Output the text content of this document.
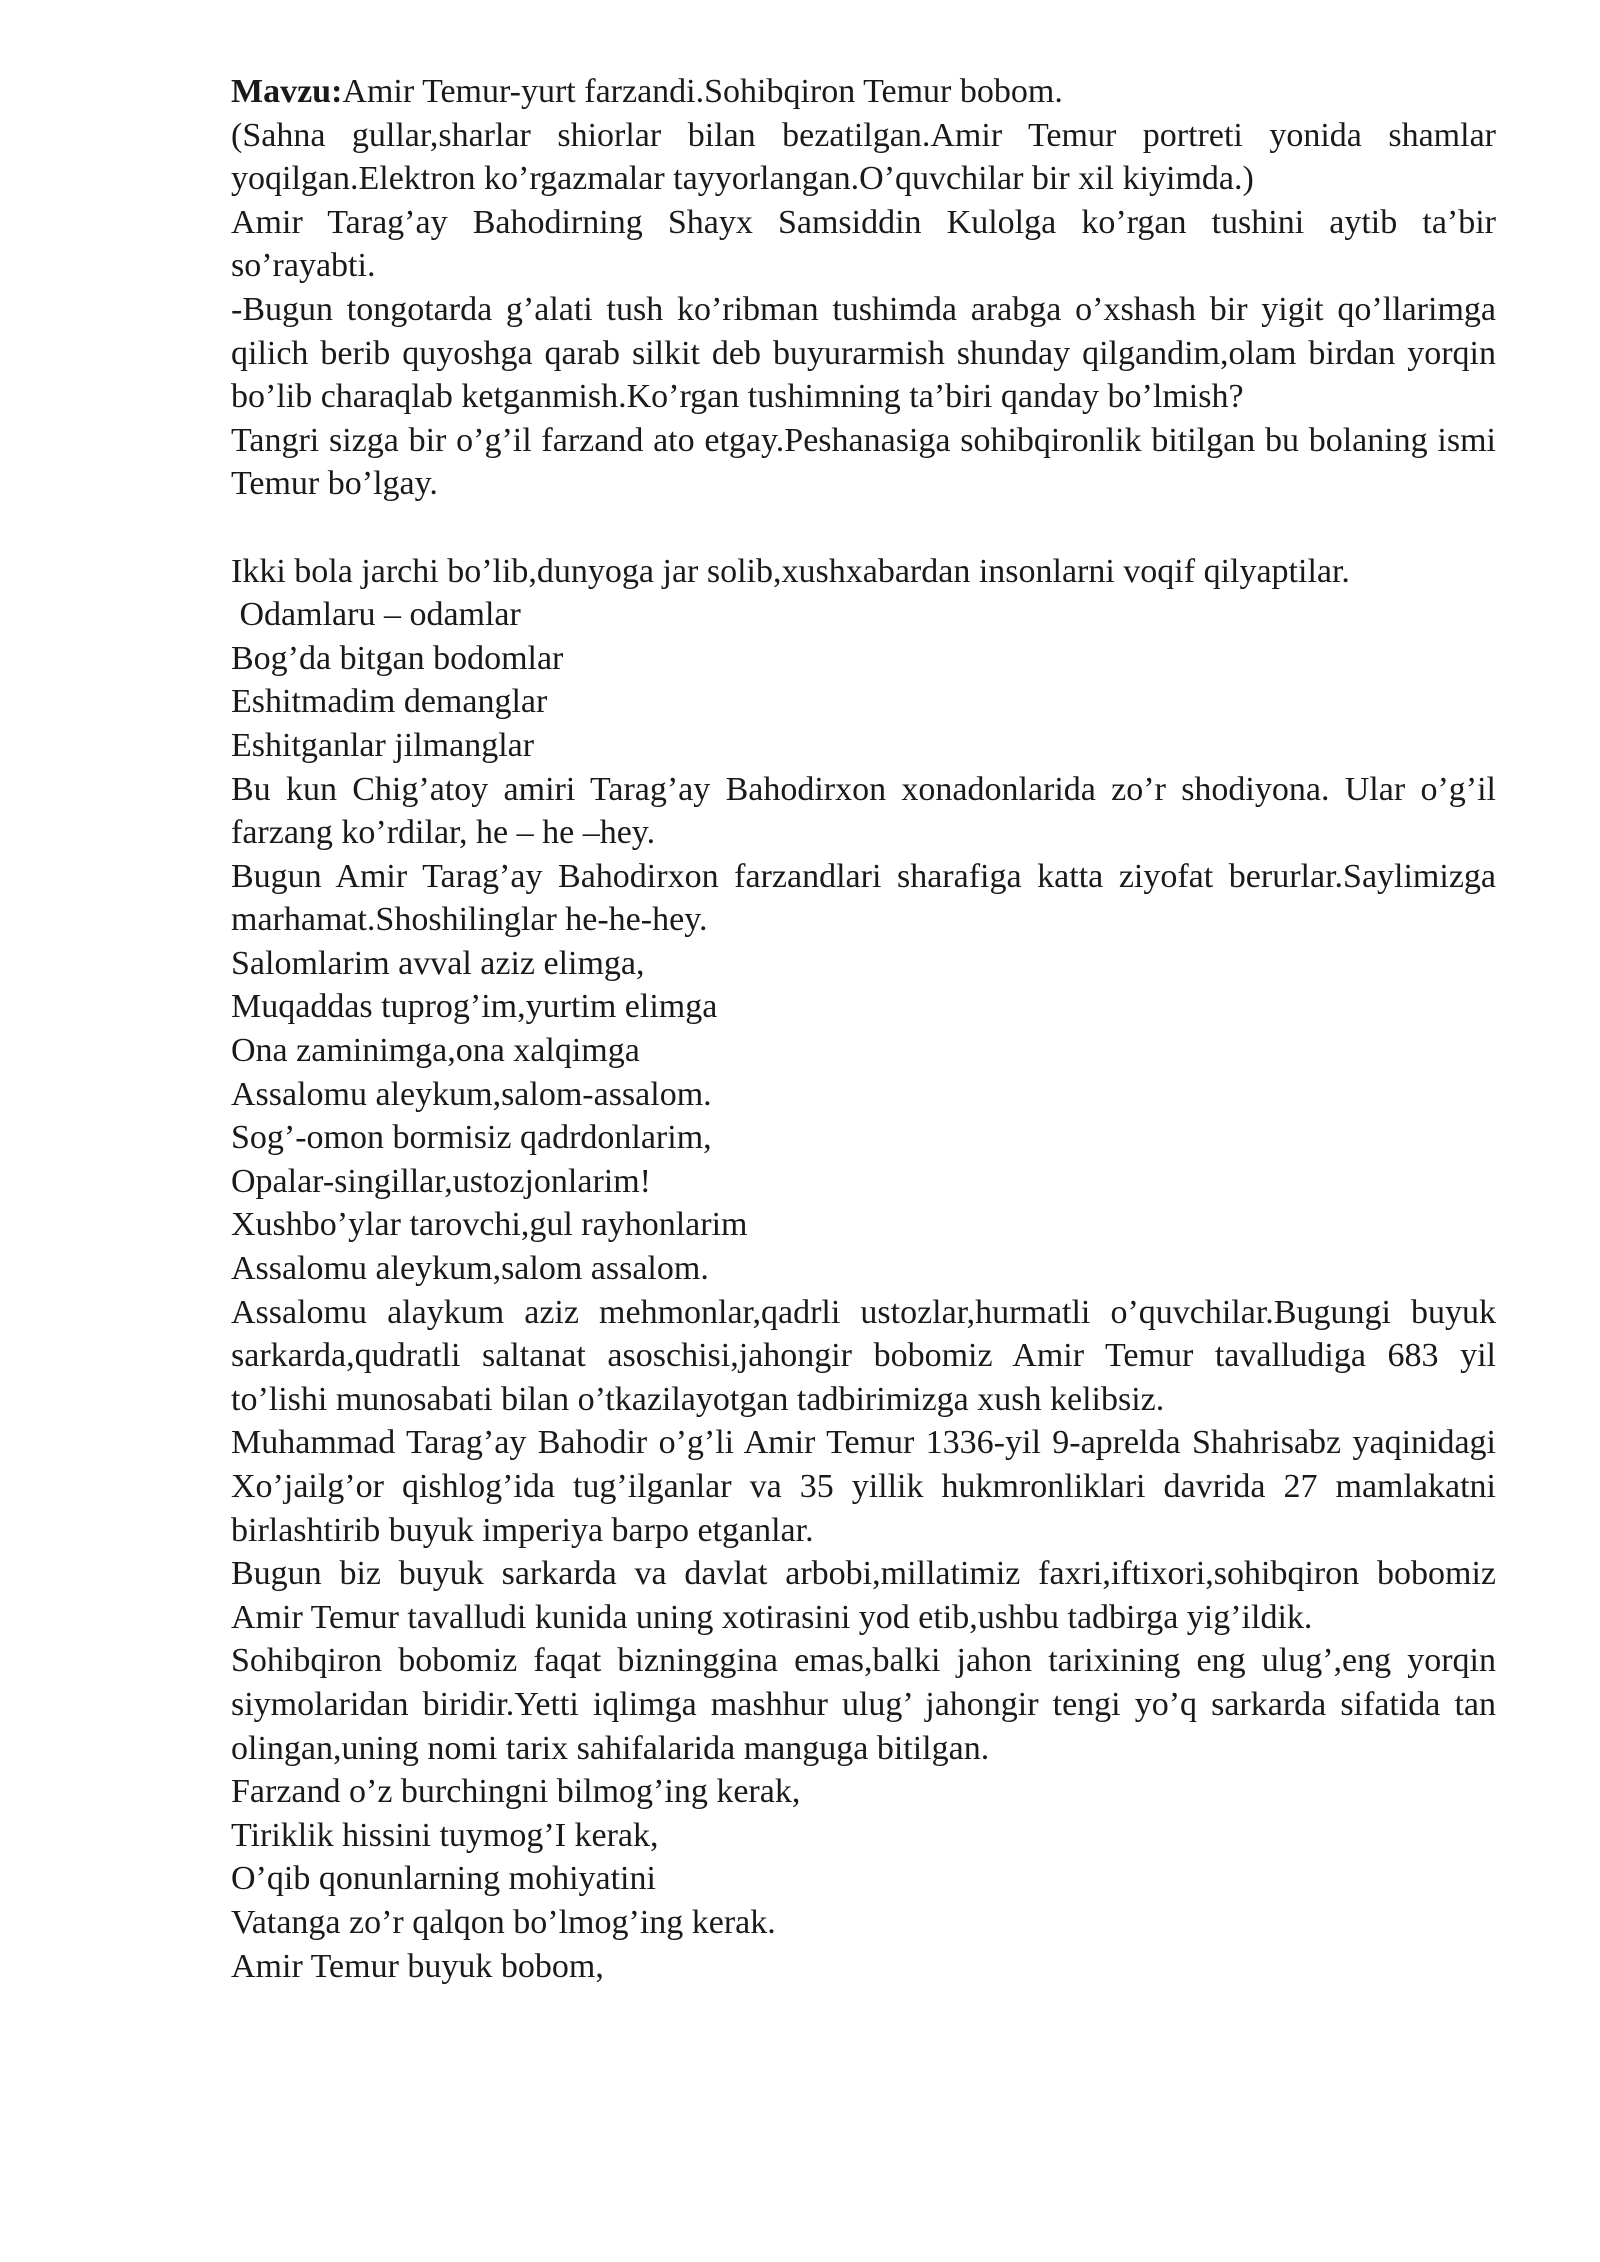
Mavzu:Amir Temur-yurt farzandi.Sohibqiron Temur bobom.
(Sahna gullar,sharlar shiorlar bilan bezatilgan.Amir Temur portreti yonida shamlar yoqilgan.Elektron ko’rgazmalar tayyorlangan.O’quvchilar bir xil kiyimda.)
Amir Tarag’ay Bahodirning Shayx Samsiddin Kulolga ko’rgan tushini aytib ta’bir so’rayabti.
-Bugun tongotarda g’alati tush ko’ribman tushimda arabga o’xshash bir yigit qo’llarimga qilich berib quyoshga qarab silkit deb buyurarmish shunday qilgandim,olam birdan yorqin bo’lib charaqlab ketganmish.Ko’rgan tushimning ta’biri qanday bo’lmish?
Tangri sizga bir o’g’il farzand ato etgay.Peshanasiga sohibqironlik bitilgan bu bolaning ismi Temur bo’lgay.
Ikki bola jarchi bo’lib,dunyoga jar solib,xushxabardan insonlarni voqif qilyaptilar.
Odamlaru – odamlar
Bog’da bitgan bodomlar
Eshitmadim demanglar
Eshitganlar jilmanglar
Bu kun Chig’atoy amiri Tarag’ay Bahodirxon xonadonlarida zo’r shodiyona. Ular o’g’il farzang ko’rdilar, he – he –hey.
Bugun Amir Tarag’ay Bahodirxon farzandlari sharafiga katta ziyofat berurlar.Saylimizga marhamat.Shoshilinglar he-he-hey.
Salomlarim avval aziz elimga,
Muqaddas tuprog’im,yurtim elimga
Ona zaminimga,ona xalqimga
Assalomu aleykum,salom-assalom.
Sog’-omon bormisiz qadrdonlarim,
Opalar-singillar,ustozjonlarim!
Xushbo’ylar tarovchi,gul rayhonlarim
Assalomu aleykum,salom assalom.
Assalomu alaykum aziz mehmonlar,qadrli ustozlar,hurmatli o’quvchilar.Bugungi buyuk sarkarda,qudratli saltanat asoschisi,jahongir bobomiz Amir Temur tavalludiga 683 yil to’lishi munosabati bilan o’tkazilayotgan tadbirimizga xush kelibsiz.
Muhammad Tarag’ay Bahodir o’g’li Amir Temur 1336-yil 9-aprelda Shahrisabz yaqinidagi Xo’jailg’or qishlog’ida tug’ilganlar va 35 yillik hukmronliklari davrida 27 mamlakatni birlashtirib buyuk imperiya barpo etganlar.
Bugun biz buyuk sarkarda va davlat arbobi,millatimiz faxri,iftixori,sohibqiron bobomiz Amir Temur tavalludi kunida uning xotirasini yod etib,ushbu tadbirga yig’ildik.
Sohibqiron bobomiz faqat bizninggina emas,balki jahon tarixining eng ulug’,eng yorqin siymolaridan biridir.Yetti iqlimga mashhur ulug’ jahongir tengi yo’q sarkarda sifatida tan olingan,uning nomi tarix sahifalarida manguga bitilgan.
Farzand o’z burchingni bilmog’ing kerak,
Tiriklik hissini tuymog’I kerak,
O’qib qonunlarning mohiyatini
Vatanga zo’r qalqon bo’lmog’ing kerak.
Amir Temur buyuk bobom,
